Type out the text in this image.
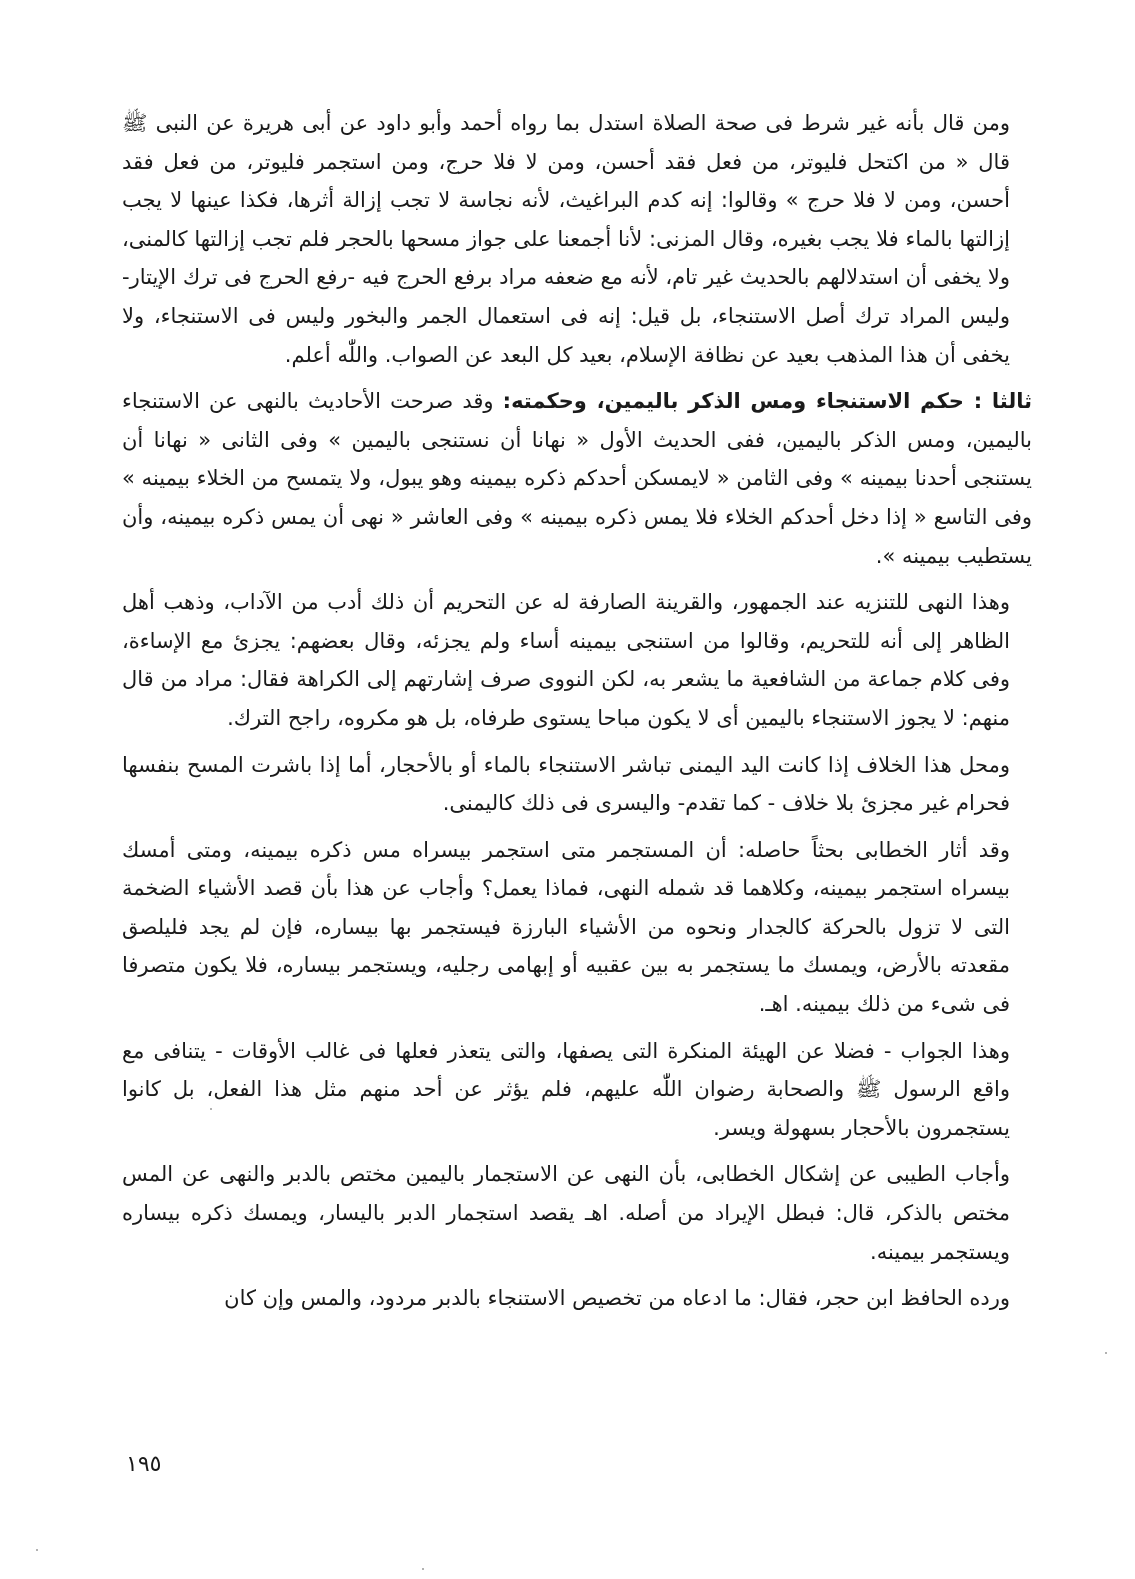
ومن قال بأنه غير شرط فى صحة الصلاة استدل بما رواه أحمد وأبو داود عن أبى هريرة عن النبى ﷺ قال « من اكتحل فليوتر، من فعل فقد أحسن، ومن لا فلا حرج، ومن استجمر فليوتر، من فعل فقد أحسن، ومن لا فلا حرج » وقالوا: إنه كدم البراغيث، لأنه نجاسة لا تجب إزالة أثرها، فكذا عينها لا يجب إزالتها بالماء فلا يجب بغيره، وقال المزنى: لأنا أجمعنا على جواز مسحها بالحجر فلم تجب إزالتها كالمنى، ولا يخفى أن استدلالهم بالحديث غير تام، لأنه مع ضعفه مراد برفع الحرج فيه -رفع الحرج فى ترك الإيتار- وليس المراد ترك أصل الاستنجاء، بل قيل: إنه فى استعمال الجمر والبخور وليس فى الاستنجاء، ولا يخفى أن هذا المذهب بعيد عن نظافة الإسلام، بعيد كل البعد عن الصواب. واللّٰه أعلم.

ثالثا : حكم الاستنجاء ومس الذكر باليمين، وحكمته: وقد صرحت الأحاديث بالنهى عن الاستنجاء باليمين، ومس الذكر باليمين، ففى الحديث الأول « نهانا أن نستنجى باليمين » وفى الثانى « نهانا أن يستنجى أحدنا بيمينه » وفى الثامن « لايمسكن أحدكم ذكره بيمينه وهو يبول، ولا يتمسح من الخلاء بيمينه » وفى التاسع « إذا دخل أحدكم الخلاء فلا يمس ذكره بيمينه » وفى العاشر « نهى أن يمس ذكره بيمينه، وأن يستطيب بيمينه ».

وهذا النهى للتنزيه عند الجمهور، والقرينة الصارفة له عن التحريم أن ذلك أدب من الآداب، وذهب أهل الظاهر إلى أنه للتحريم، وقالوا من استنجى بيمينه أساء ولم يجزئه، وقال بعضهم: يجزئ مع الإساءة، وفى كلام جماعة من الشافعية ما يشعر به، لكن النووى صرف إشارتهم إلى الكراهة فقال: مراد من قال منهم: لا يجوز الاستنجاء باليمين أى لا يكون مباحا يستوى طرفاه، بل هو مكروه، راجح الترك.

ومحل هذا الخلاف إذا كانت اليد اليمنى تباشر الاستنجاء بالماء أو بالأحجار، أما إذا باشرت المسح بنفسها فحرام غير مجزئ بلا خلاف - كما تقدم- واليسرى فى ذلك كاليمنى.

وقد أثار الخطابى بحثاً حاصله: أن المستجمر متى استجمر بيسراه مس ذكره بيمينه، ومتى أمسك بيسراه استجمر بيمينه، وكلاهما قد شمله النهى، فماذا يعمل؟ وأجاب عن هذا بأن قصد الأشياء الضخمة التى لا تزول بالحركة كالجدار ونحوه من الأشياء البارزة فيستجمر بها بيساره، فإن لم يجد فليلصق مقعدته بالأرض، ويمسك ما يستجمر به بين عقبيه أو إبهامى رجليه، ويستجمر بيساره، فلا يكون متصرفا فى شىء من ذلك بيمينه. اهـ.

وهذا الجواب - فضلا عن الهيئة المنكرة التى يصفها، والتى يتعذر فعلها فى غالب الأوقات - يتنافى مع واقع الرسول ﷺ والصحابة رضوان اللّٰه عليهم، فلم يؤثر عن أحد منهم مثل هذا الفعل، بل كانوا يستجمرون بالأحجار بسهولة ويسر.

وأجاب الطيبى عن إشكال الخطابى، بأن النهى عن الاستجمار باليمين مختص بالدبر والنهى عن المس مختص بالذكر، قال: فبطل الإيراد من أصله. اهـ يقصد استجمار الدبر باليسار، ويمسك ذكره بيساره ويستجمر بيمينه.

ورده الحافظ ابن حجر، فقال: ما ادعاه من تخصيص الاستنجاء بالدبر مردود، والمس وإن كان

١٩٥
